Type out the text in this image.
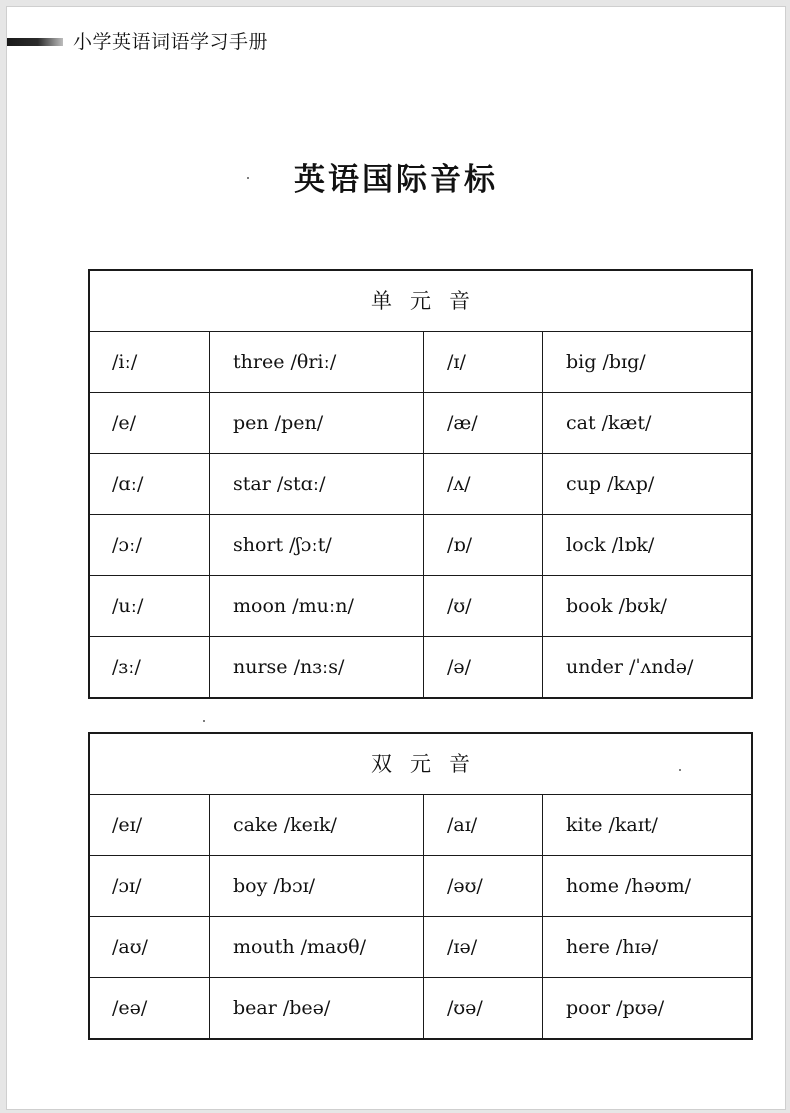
小学英语词语学习手册
英语国际音标
单元音
/iː/	three /θriː/	/ɪ/	big /bɪg/
/e/	pen /pen/	/æ/	cat /kæt/
/ɑː/	star /stɑː/	/ʌ/	cup /kʌp/
/ɔː/	short /ʃɔːt/	/ɒ/	lock /lɒk/
/uː/	moon /muːn/	/ʊ/	book /bʊk/
/ɜː/	nurse /nɜːs/	/ə/	under /ˈʌndə/
双元音
/eɪ/	cake /keɪk/	/aɪ/	kite /kaɪt/
/ɔɪ/	boy /bɔɪ/	/əʊ/	home /həʊm/
/aʊ/	mouth /maʊθ/	/ɪə/	here /hɪə/
/eə/	bear /beə/	/ʊə/	poor /pʊə/
